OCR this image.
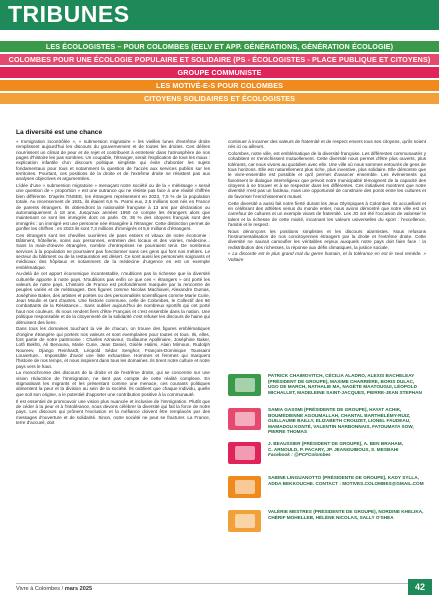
TRIBUNES
LES ÉCOLOGISTES – POUR COLOMBES (EELV ET APP. GÉNÉRATIONS, GÉNÉRATION ÉCOLOGIE)
COLOMBES POUR UNE ÉCOLOGIE POPULAIRE ET SOLIDAIRE (PS - ÉCOLOGISTES - PLACE PUBLIQUE ET CITOYENS)
GROUPE COMMUNISTE
LES MOTIVÉ-E-S POUR COLOMBES
CITOYENS SOLIDAIRES ET ÉCOLOGISTES
La diversité est une chance

« Immigration incontrôlée », « submersion migratoire » les vieilles lunes d'extrême droite remplissent aujourd'hui les discours du gouvernement et de toutes les droites. Ces délires nourrissent un climat de peur et de rejet et contribuent à entretenir dans l'atmosphère de nos pages d'histoire les pas sombres. Un coupable, l'étranger, serait l'explication de tous les maux : explication infantile d'un discours politique simpliste qui évite d'aborder les sujets fondamentaux pour tous et notamment la question de l'accès aux services publics sur les territoires. Pourtant, ces positions de la droite et de l'extrême droite ne résistent pas aux analyses objectives et argumentées.

L'idée d'une « submersion migratoire » menaçant notre société ou de la « métissage » serait une question de « proportion » est une outrance qui ne résiste pas face à une réalité chiffrée bien différente. D'après l'INSEE, les étrangers représentent en 2023, 7,5 % de la population totale. Au recensement de 1931, ils étaient 6,6 %. Parmi eux, 2,5 millions sont nés en France de parents étrangers. Ils obtiendront la nationalité française à 13 ans par déclaration ou automatiquement à 18 ans. Jusqu'aux années 1950 ce compte les étrangers alors que maintenant ce sont les immigrés dont on parle. Or, 36 % des citoyens français sont des immigrés : un immigré est une personne née étrangère à l'étranger. Cette distinction permet de gonfler les chiffres : en 2023 ils sont 7,3 millions d'immigrés et 5,6 millions d'étrangers.

Ces étrangers sont les chevilles ouvrières de pans entiers et vitaux de notre économie : Bâtiment, hôtellerie, soins aux personnes, entretien des locaux et des voiries, médecine... Sans la main-d'œuvre étrangère, nombre d'entreprises ne pourraient tenir. De nombreux services à la population ne pourraient pas fonctionner sans ces gens qui font nos métiers. Le secteur du bâtiment ou de la restauration est désert. Ce sont aussi les personnels soignants et médicaux des hôpitaux et notamment de la médecine d'urgence en est un exemple emblématique.

Au-delà de cet apport économique incontestable, n'oublions pas la richesse que la diversité culturelle apporte à notre pays. N'oublions pas enfin ce que ces « étrangers » ont porté les valeurs de notre pays. L'histoire de France est profondément marquée par la rencontre de peuples variés et de métissages. Des figures comme Nicolas Machiavel, Alexandre Dumas, Joséphine Baker, des artistes et poètes ou des personnalités scientifiques comme Marie Curie, Jean Moulin et tant d'autres. Une histoire commune, celle de Colombes, le Collectif des 66 combattants de la Résistance... Sans oublier aujourd'hui de nombreux sportifs qui ont porté haut nos couleurs. Ils nous rendent fiers d'être Français et c'est ensemble dans la nation. Une politique responsable et de la citoyenneté de la solidarité c'est refuser les discours de haine qui détruisent des liens.

Dans tous les domaines touchant la vie de chacun, on trouve des figures emblématiques d'origine étrangère qui portent nos valeurs et sont exemplaires pour toutes et tous. Ils, elles, font partie de notre patrimoine : Charles Aznavour, Guillaume Apollinaire, Joséphine Baker, Lotfi Bekhti, Ali Benouna, Marie Curie, Jean Daniel, Gisèle Halimi, Alain Mimoun, Rudolph Noureev, Django Reinhardt, Léopold Sédar Senghor, François-Dominique Toussaint Louverture... Impossible d'avoir une liste exhaustive. Hommes et femmes qui marquent l'histoire de nos temps, et nous inspirent dans tous les domaines. Ils tirent notre culture et notre pays vers le haut.

La monochromie des discours de la droite et de l'extrême droite, qui se concentre sur une vision réductrice de l'immigration, ne tient pas compte de cette réalité complexe. En stigmatisant les migrants et les présentant comme une menace, ces courants politiques alimentent la peur et la division au sein de la société. Ils oublient que chaque individu, quelle que soit son origine, a le potentiel d'apporter une contribution positive à la communauté.

Il est essentiel de promouvoir une vision plus nuancée et inclusive de l'immigration. Plutôt que de céder à la peur et à l'intolérance, nous devons célébrer la diversité qui fait la force de notre pays. Les discours qui prônent l'exclusion et la méfiance doivent être remplacés par des messages d'ouverture et de solidarité. Sinon, notre société ne peut se fracturer. La France, terre d'accueil, doit

continuer à incarner des valeurs de fraternité et de respect envers tous ses citoyens, qu'ils soient nés ici ou ailleurs.

Colombes, notre ville, est emblématique de la diversité française. Les différentes communautés y cohabitent et s'enrichissent mutuellement. Cette diversité nous permet d'être plus ouverts, plus tolérants, car nous vivons au quotidien avec elle. Une ville où nous sommes entourés de gens de tous horizons. Elle est naturellement plus riche, plus inventive, plus solidaire. Elle démontre que le vivre-ensemble est possible et qu'il permet d'avancer ensemble. Les événements qui favorisent le dialogue interreligieux que prévoit notre municipalité témoignent de la capacité des citoyens à se trouver et à se respecter dans les différentes. Ces initiatives montrent que notre diversité n'est pas un fardeau, mais une opportunité de construire des ponts entre les cultures et de favoriser l'enrichissement mutuel.

Cette diversité a aussi fait notre fierté durant les Jeux Olympiques à Colombes. Ils accueillant et en célébrant des athlètes venus du monde entier, nous avons démontré que notre ville est un carrefour de cultures et un exemple vivant de fraternité. Les JO ont été l'occasion de valoriser le talent et la richesse de cette mixité, incarnant les valeurs universelles du sport : l'excellence, l'amitié et le respect.

Nous dénonçons les positions simplistes et les discours alarmistes. Nous refusons l'instrumentalisation de nos concitoyennes étrangers par la droite et l'extrême droite. Cette diversité ne saurait camoufler les véritables enjeux auxquels notre pays doit faire face : la redistribution des richesses, la réponse aux défis climatiques, la justice sociale.

« La discorde est le plus grand mal du genre humain, et la tolérance en est le seul remède. » Voltaire

PATRICK CHAIMOVITCH, CÉCILIA ALADRO, ALEXIS BACHELEAY
(PRÉSIDENT DE GROUPE), MAXIME CHARRIÈRE, BORIS DULAC,
UGO DE MARCH, NATHALIE MA, NAGÈTE MAATOUGUI, LÉOPOLD
MICHALLET, MADELEINE SAINT-JACQUES, PIERRE-JEAN STEPHAN
SAMIA GASSMI (PRÉSIDENTE DE GROUPE), HAYAT ACHIK,
BOUMÉDIENNE AGOUMALLAH, CHANTAL BARTHÉLÉMY-RUIZ,
GUILLAUME BAILLY, ELIZABETH CROUZET, LIONEL FAUDEAU,
MAMADOU KONTÉ, VALENTIN NARBONNAIS, FATOUMATA SOW,
PIERRE THOMAS
J. BEAUSSIER (PRÉSIDENT DE GROUPE), A. BEN BRAHAM,
C. ARNOULD, P. PACARY, JP. JEANGUIBOUX, S. MESBAHI
Facebook : @PCFColombes
SABINE LINGUANOTTO (PRÉSIDENTE DE GROUPE), KADY SYLLA,
ADDA BEKKOUCHE. CONTACT : MOTIVES.COLOMBES@GMAIL.COM
VALÉRIE MESTRES (PRÉSIDENTE DE GROUPE), NORDINE KHELIKA,
CHÉRIF MOHELLEB, HÉLÈNE NICOLAS, SALLY O'SHEA
Vivre à Colombes / mars 2025	42
